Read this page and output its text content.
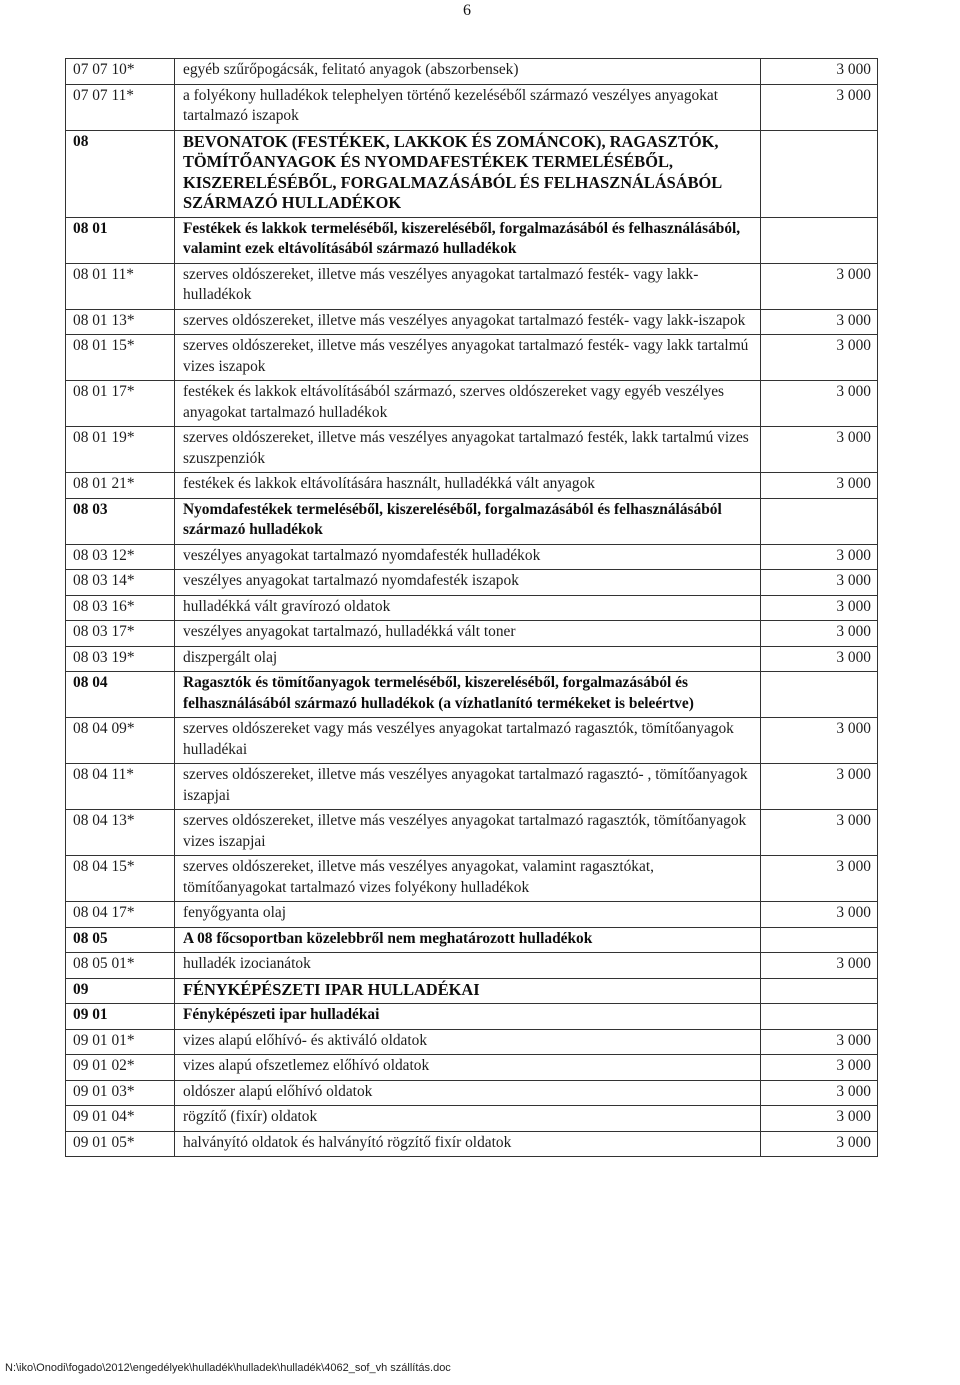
6
07 07 10*	egyéb szűrőpogácsák, felitató anyagok (abszorbensek)	3 000
07 07 11*	a folyékony hulladékok telephelyen történő kezeléséből származó veszélyes anyagokat tartalmazó iszapok	3 000
08	BEVONATOK (FESTÉKEK, LAKKOK ÉS ZOMÁNCOK), RAGASZTÓK, TÖMÍTŐANYAGOK ÉS NYOMDAFESTÉKEK TERMELÉSÉBŐL, KISZERELÉSÉBŐL, FORGALMAZÁSÁBÓL ÉS FELHASZNÁLÁSÁBÓL SZÁRMAZÓ HULLADÉKOK	
08 01	Festékek és lakkok termeléséből, kiszereléséből, forgalmazásából és felhasználásából, valamint ezek eltávolításából származó hulladékok	
08 01 11*	szerves oldószereket, illetve más veszélyes anyagokat tartalmazó festék- vagy lakk-hulladékok	3 000
08 01 13*	szerves oldószereket, illetve más veszélyes anyagokat tartalmazó festék- vagy lakk-iszapok	3 000
08 01 15*	szerves oldószereket, illetve más veszélyes anyagokat tartalmazó festék- vagy lakk tartalmú vizes iszapok	3 000
08 01 17*	festékek és lakkok eltávolításából származó, szerves oldószereket vagy egyéb veszélyes anyagokat tartalmazó hulladékok	3 000
08 01 19*	szerves oldószereket, illetve más veszélyes anyagokat tartalmazó festék, lakk tartalmú vizes szuszpenziók	3 000
08 01 21*	festékek és lakkok eltávolítására használt, hulladékká vált anyagok	3 000
08 03	Nyomdafestékek termeléséből, kiszereléséből, forgalmazásából és felhasználásából származó hulladékok	
08 03 12*	veszélyes anyagokat tartalmazó nyomdafesték hulladékok	3 000
08 03 14*	veszélyes anyagokat tartalmazó nyomdafesték iszapok	3 000
08 03 16*	hulladékká vált gravírozó oldatok	3 000
08 03 17*	veszélyes anyagokat tartalmazó, hulladékká vált toner	3 000
08 03 19*	diszpergált olaj	3 000
08 04	Ragasztók és tömítőanyagok termeléséből, kiszereléséből, forgalmazásából és felhasználásából származó hulladékok (a vízhatlanító termékeket is beleértve)	
08 04 09*	szerves oldószereket vagy más veszélyes anyagokat tartalmazó ragasztók, tömítőanyagok hulladékai	3 000
08 04 11*	szerves oldószereket, illetve más veszélyes anyagokat tartalmazó ragasztó- , tömítőanyagok iszapjai	3 000
08 04 13*	szerves oldószereket, illetve más veszélyes anyagokat tartalmazó ragasztók, tömítőanyagok vizes iszapjai	3 000
08 04 15*	szerves oldószereket, illetve más veszélyes anyagokat, valamint ragasztókat, tömítőanyagokat tartalmazó vizes folyékony hulladékok	3 000
08 04 17*	fenyőgyanta olaj	3 000
08 05	A 08 főcsoportban közelebbről nem meghatározott hulladékok	
08 05 01*	hulladék izocianátok	3 000
09	FÉNYKÉPÉSZETI IPAR HULLADÉKAI	
09 01	Fényképészeti ipar hulladékai	
09 01 01*	vizes alapú előhívó- és aktiváló oldatok	3 000
09 01 02*	vizes alapú ofszetlemez előhívó oldatok	3 000
09 01 03*	oldószer alapú előhívó oldatok	3 000
09 01 04*	rögzítő (fixír) oldatok	3 000
09 01 05*	halványító oldatok és halványító rögzítő fixír oldatok	3 000
N:\iko\Onodi\fogado\2012\engedélyek\hulladék\hulladek\hulladék\4062_sof_vh szállítás.doc
